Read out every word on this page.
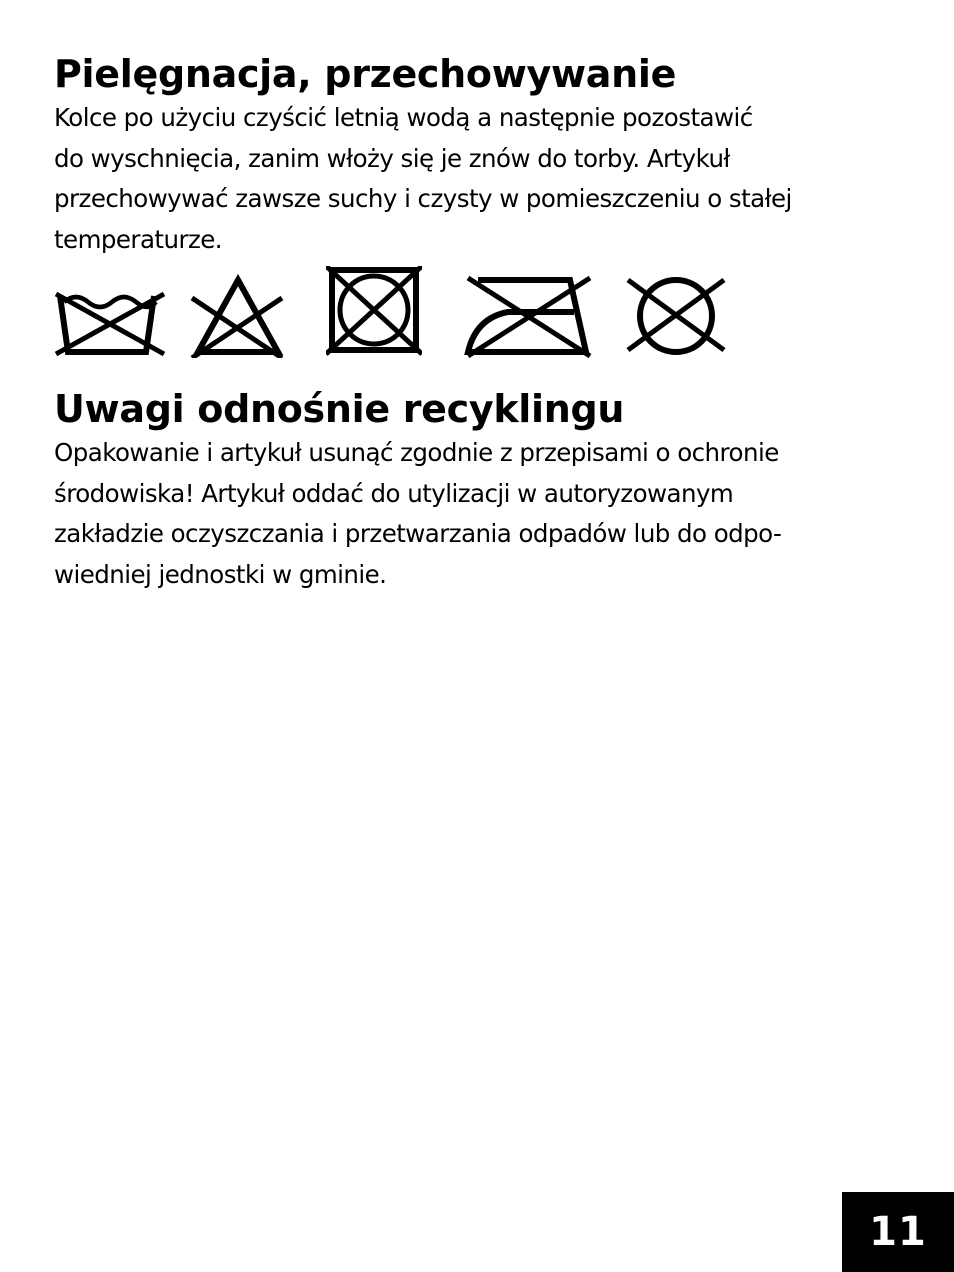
Pielęgnacja, przechowywanie

Kolce po użyciu czyścić letnią wodą a następnie pozostawić
do wyschnięcia, zanim włoży się je znów do torby. Artykuł
przechowywać zawsze suchy i czysty w pomieszczeniu o stałej
temperaturze.

Uwagi odnośnie recyklingu

Opakowanie i artykuł usunąć zgodnie z przepisami o ochronie
środowiska! Artykuł oddać do utylizacji w autoryzowanym
zakładzie oczyszczania i przetwarzania odpadów lub do odpo-
wiedniej jednostki w gminie.

11
